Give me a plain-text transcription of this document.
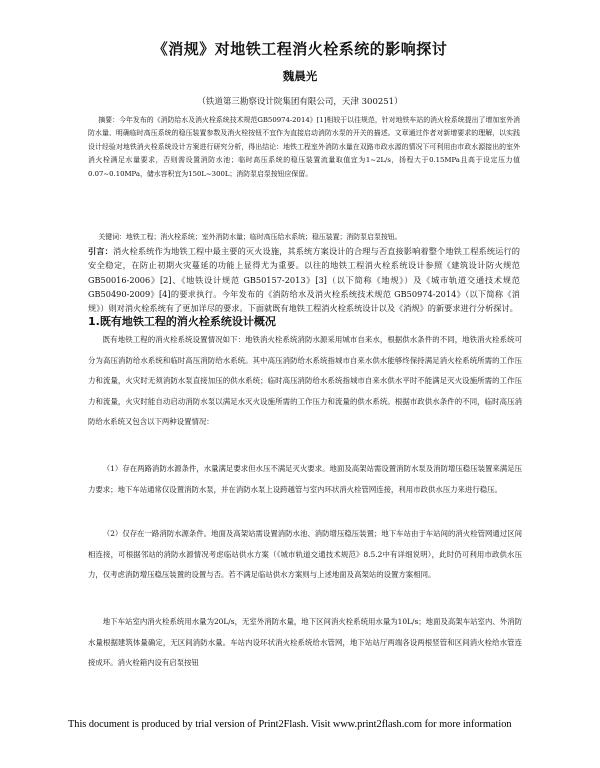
《消规》对地铁工程消火栓系统的影响探讨
魏晨光
（铁道第三勘察设计院集团有限公司，天津 300251）

摘要：今年发布的《消防给水及消火栓系统技术规范GB50974-2014》[1]相较于以往规范，针对地铁车站的消火栓系统提出了增加室外消防水量、明确临时高压系统的稳压装置参数及消火栓按钮不宜作为直接启动消防水泵的开关的描述。文章通过作者对新增要求的理解，以实践设计经验对地铁消火栓系统设计方案进行研究分析，得出结论：地铁工程室外消防水量在双路市政水源的情况下可利用由市政水源接出的室外消火栓满足水量要求，否则需设置消防水池；临时高压系统的稳压装置流量取值宜为1~2L/s，扬程大于0.15MPa且高于设定压力值0.07~0.10MPa，储水容积宜为150L~300L；消防泵启泵按钮应保留。

关键词：地铁工程；消火栓系统；室外消防水量；临时高压给水系统；稳压装置；消防泵启泵按钮。

引言：消火栓系统作为地铁工程中最主要的灭火设施，其系统方案设计的合理与否直接影响着整个地铁工程系统运行的安全稳定，在防止初期火灾蔓延的功能上显得尤为重要。以往的地铁工程消火栓系统设计参照《建筑设计防火规范 GB50016-2006》[2]、《地铁设计规范 GB50157-2013》[3]（以下简称《地规》）及《城市轨道交通技术规范 GB50490-2009》[4]的要求执行。今年发布的《消防给水及消火栓系统技术规范 GB50974-2014》（以下简称《消规》）则对消火栓系统有了更加详尽的要求。下面就既有地铁工程消火栓系统设计以及《消规》的新要求进行分析探讨。

1.既有地铁工程的消火栓系统设计概况

既有地铁工程的消火栓系统设置情况如下：地铁消火栓系统消防水源采用城市自来水，根据供水条件的不同，地铁消火栓系统可分为高压消防给水系统和临时高压消防给水系统。其中高压消防给水系统指城市自来水供水能够终保持满足消火栓系统所需的工作压力和流量，火灾时无须消防水泵直接加压的供水系统；临时高压消防给水系统指城市自来水供水平时不能满足灭火设施所需的工作压力和流量，火灾时能自动启动消防水泵以满足水灭火设施所需的工作压力和流量的供水系统。根据市政供水条件的不同，临时高压消防给水系统又包含以下两种设置情况：

（1）存在两路消防水源条件，水量满足要求但水压不满足灭火要求。地面及高架站需设置消防水泵及消防增压稳压装置来满足压力要求；地下车站通常仅设置消防水泵，并在消防水泵上设跨越管与室内环状消火栓管网连接，利用市政供水压力来进行稳压。

（2）仅存在一路消防水源条件。地面及高架站需设置消防水池、消防增压稳压装置；地下车站由于车站间的消火栓管网通过区间相连接，可根据邻站的消防水源情况考虑临站供水方案（《城市轨道交通技术规范》8.5.2中有详细说明），此时仍可利用市政供水压力，仅考虑消防增压稳压装置的设置与否。若不满足临站供水方案则与上述地面及高架站的设置方案相同。

地下车站室内消火栓系统用水量为20L/s，无室外消防水量，地下区间消火栓系统用水量为10L/s；地面及高架车站室内、外消防水量根据建筑体量确定，无区间消防水量。车站内设环状消火栓系统给水管网，地下站站厅两端各设两根竖管和区间消火栓给水管连接成环。消火栓箱内设有启泵按钮

This document is produced by trial version of Print2Flash. Visit www.print2flash.com for more information
